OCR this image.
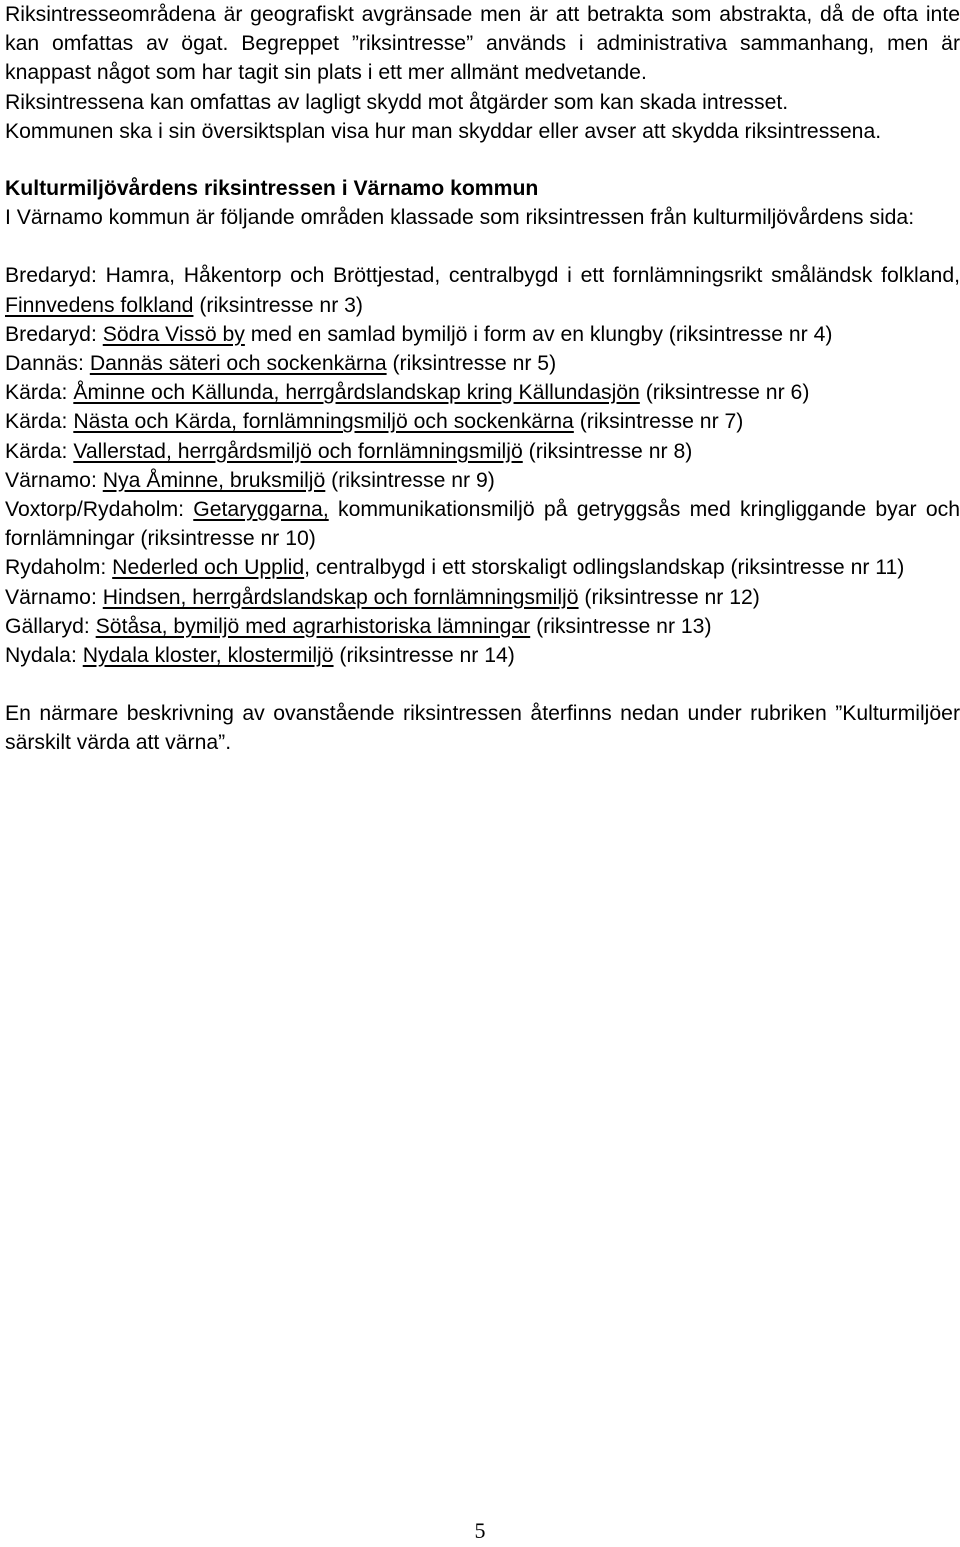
Riksintresseområdena är geografiskt avgränsade men är att betrakta som abstrakta, då de ofta inte kan omfattas av ögat. Begreppet ”riksintresse” används i administrativa sammanhang, men är knappast något som har tagit sin plats i ett mer allmänt medvetande.

Riksintressena kan omfattas av lagligt skydd mot åtgärder som kan skada intresset.

Kommunen ska i sin översiktsplan visa hur man skyddar eller avser att skydda riksintressena.

Kulturmiljövårdens riksintressen i Värnamo kommun

I Värnamo kommun är följande områden klassade som riksintressen från kulturmiljövårdens sida:

Bredaryd: Hamra, Håkentorp och Bröttjestad, centralbygd i ett fornlämningsrikt småländsk folkland, Finnvedens folkland (riksintresse nr 3)

Bredaryd: Södra Vissö by med en samlad bymiljö i form av en klungby (riksintresse nr 4)

Dannäs: Dannäs säteri och sockenkärna (riksintresse nr 5)

Kärda: Åminne och Källunda, herrgårdslandskap kring Källundasjön (riksintresse nr 6)

Kärda: Nästa och Kärda, fornlämningsmiljö och sockenkärna (riksintresse nr 7)

Kärda: Vallerstad, herrgårdsmiljö och fornlämningsmiljö (riksintresse nr 8)

Värnamo: Nya Åminne, bruksmiljö (riksintresse nr 9)

Voxtorp/Rydaholm: Getaryggarna, kommunikationsmiljö på getryggsås med kringliggande byar och fornlämningar (riksintresse nr 10)

Rydaholm: Nederled och Upplid, centralbygd i ett storskaligt odlingslandskap (riksintresse nr 11)

Värnamo: Hindsen, herrgårdslandskap och fornlämningsmiljö (riksintresse nr 12)

Gällaryd: Sötåsa, bymiljö med agrarhistoriska lämningar (riksintresse nr 13)

Nydala: Nydala kloster, klostermiljö (riksintresse nr 14)

En närmare beskrivning av ovanstående riksintressen återfinns nedan under rubriken ”Kulturmiljöer särskilt värda att värna”.

5
